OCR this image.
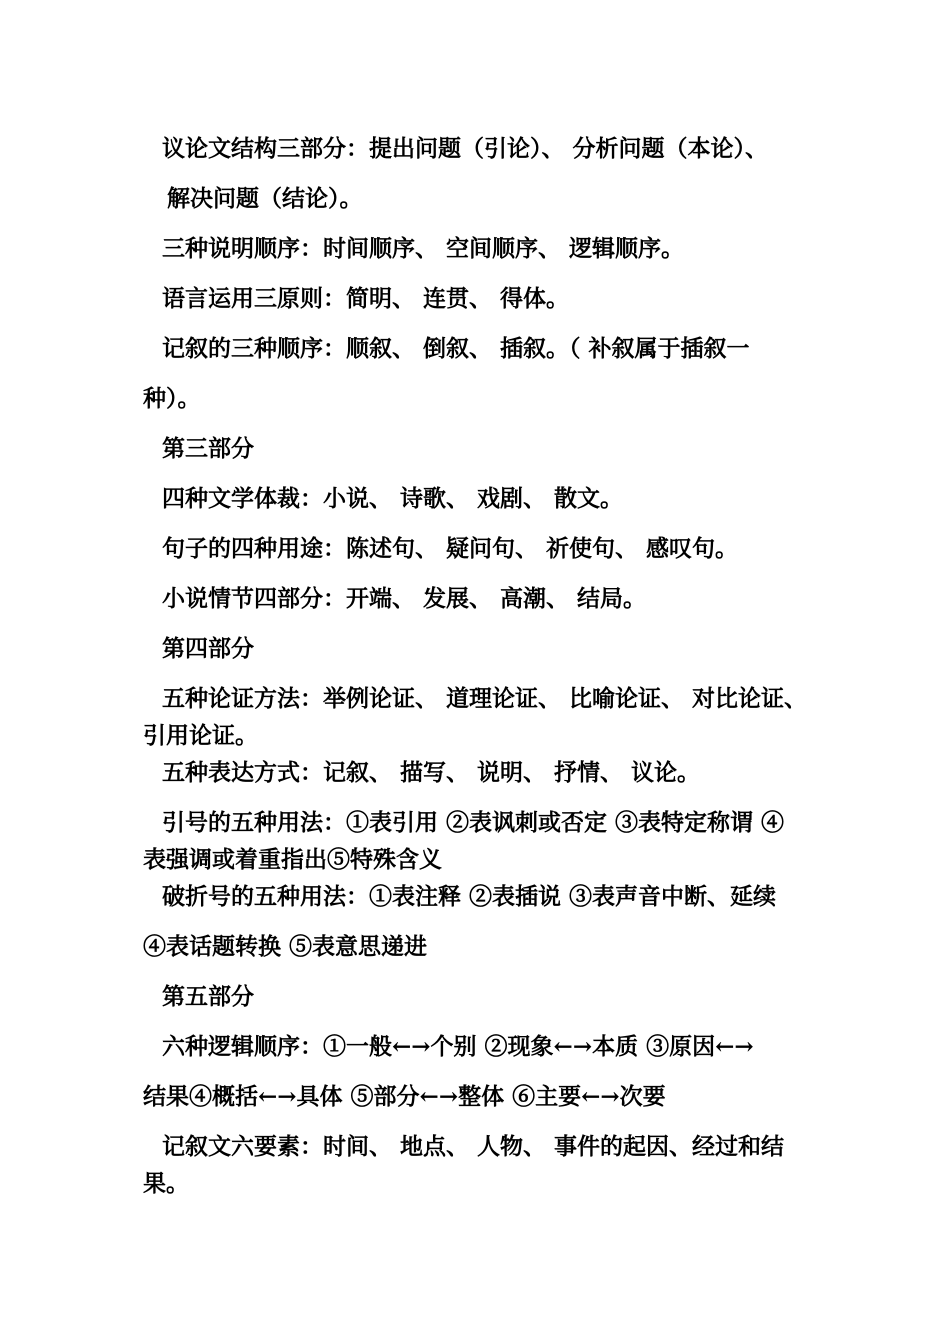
议论文结构三部分：提出问题（引论）、 分析问题（本论）、
解决问题（结论）。
三种说明顺序：时间顺序、 空间顺序、 逻辑顺序。
语言运用三原则：简明、 连贯、 得体。
记叙的三种顺序：顺叙、 倒叙、 插叙。（ 补叙属于插叙一
种）。
第三部分
四种文学体裁：小说、 诗歌、 戏剧、 散文。
句子的四种用途：陈述句、 疑问句、 祈使句、 感叹句。
小说情节四部分：开端、 发展、 高潮、 结局。
第四部分
五种论证方法：举例论证、 道理论证、 比喻论证、 对比论证、
引用论证。
五种表达方式：记叙、 描写、 说明、 抒情、 议论。
引号的五种用法：①表引用 ②表讽刺或否定 ③表特定称谓 ④
表强调或着重指出⑤特殊含义
破折号的五种用法：①表注释 ②表插说 ③表声音中断、延续
④表话题转换 ⑤表意思递进
第五部分
六种逻辑顺序：①一般←→个别 ②现象←→本质 ③原因←→
结果④概括←→具体 ⑤部分←→整体 ⑥主要←→次要
记叙文六要素：时间、 地点、 人物、 事件的起因、经过和结
果。
